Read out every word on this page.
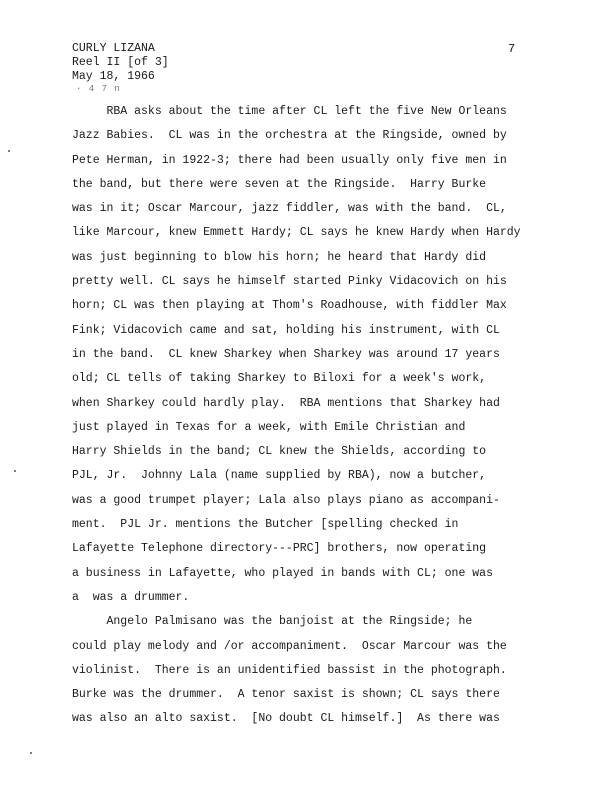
CURLY LIZANA
Reel II [of 3]
May 18, 1966
7
· 4 7 n
RBA asks about the time after CL left the five New Orleans
Jazz Babies.  CL was in the orchestra at the Ringside, owned by
Pete Herman, in 1922-3; there had been usually only five men in
the band, but there were seven at the Ringside.  Harry Burke
was in it; Oscar Marcour, jazz fiddler, was with the band.  CL,
like Marcour, knew Emmett Hardy; CL says he knew Hardy when Hardy
was just beginning to blow his horn; he heard that Hardy did
pretty well. CL says he himself started Pinky Vidacovich on his
horn; CL was then playing at Thom's Roadhouse, with fiddler Max
Fink; Vidacovich came and sat, holding his instrument, with CL
in the band.  CL knew Sharkey when Sharkey was around 17 years
old; CL tells of taking Sharkey to Biloxi for a week's work,
when Sharkey could hardly play.  RBA mentions that Sharkey had
just played in Texas for a week, with Emile Christian and
Harry Shields in the band; CL knew the Shields, according to
PJL, Jr.  Johnny Lala (name supplied by RBA), now a butcher,
was a good trumpet player; Lala also plays piano as accompani-
ment.  PJL Jr. mentions the Butcher [spelling checked in
Lafayette Telephone directory---PRC] brothers, now operating
a business in Lafayette, who played in bands with CL; one was
a  was a drummer.
Angelo Palmisano was the banjoist at the Ringside; he
could play melody and /or accompaniment.  Oscar Marcour was the
violinist.  There is an unidentified bassist in the photograph.
Burke was the drummer.  A tenor saxist is shown; CL says there
was also an alto saxist.  [No doubt CL himself.]  As there was
